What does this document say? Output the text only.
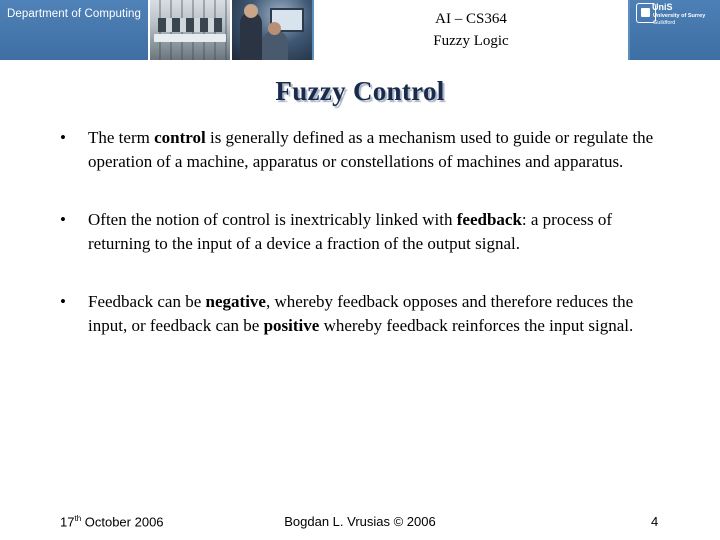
Department of Computing	AI – CS364
Fuzzy Logic
UniS
University of Surrey
Guildford
Fuzzy Control
• The term control is generally defined as a mechanism used to guide or regulate the operation of a machine, apparatus or constellations of machines and apparatus.
• Often the notion of control is inextricably linked with feedback: a process of returning to the input of a device a fraction of the output signal.
• Feedback can be negative, whereby feedback opposes and therefore reduces the input, or feedback can be positive whereby feedback reinforces the input signal.
17th October 2006	Bogdan L. Vrusias © 2006	4
